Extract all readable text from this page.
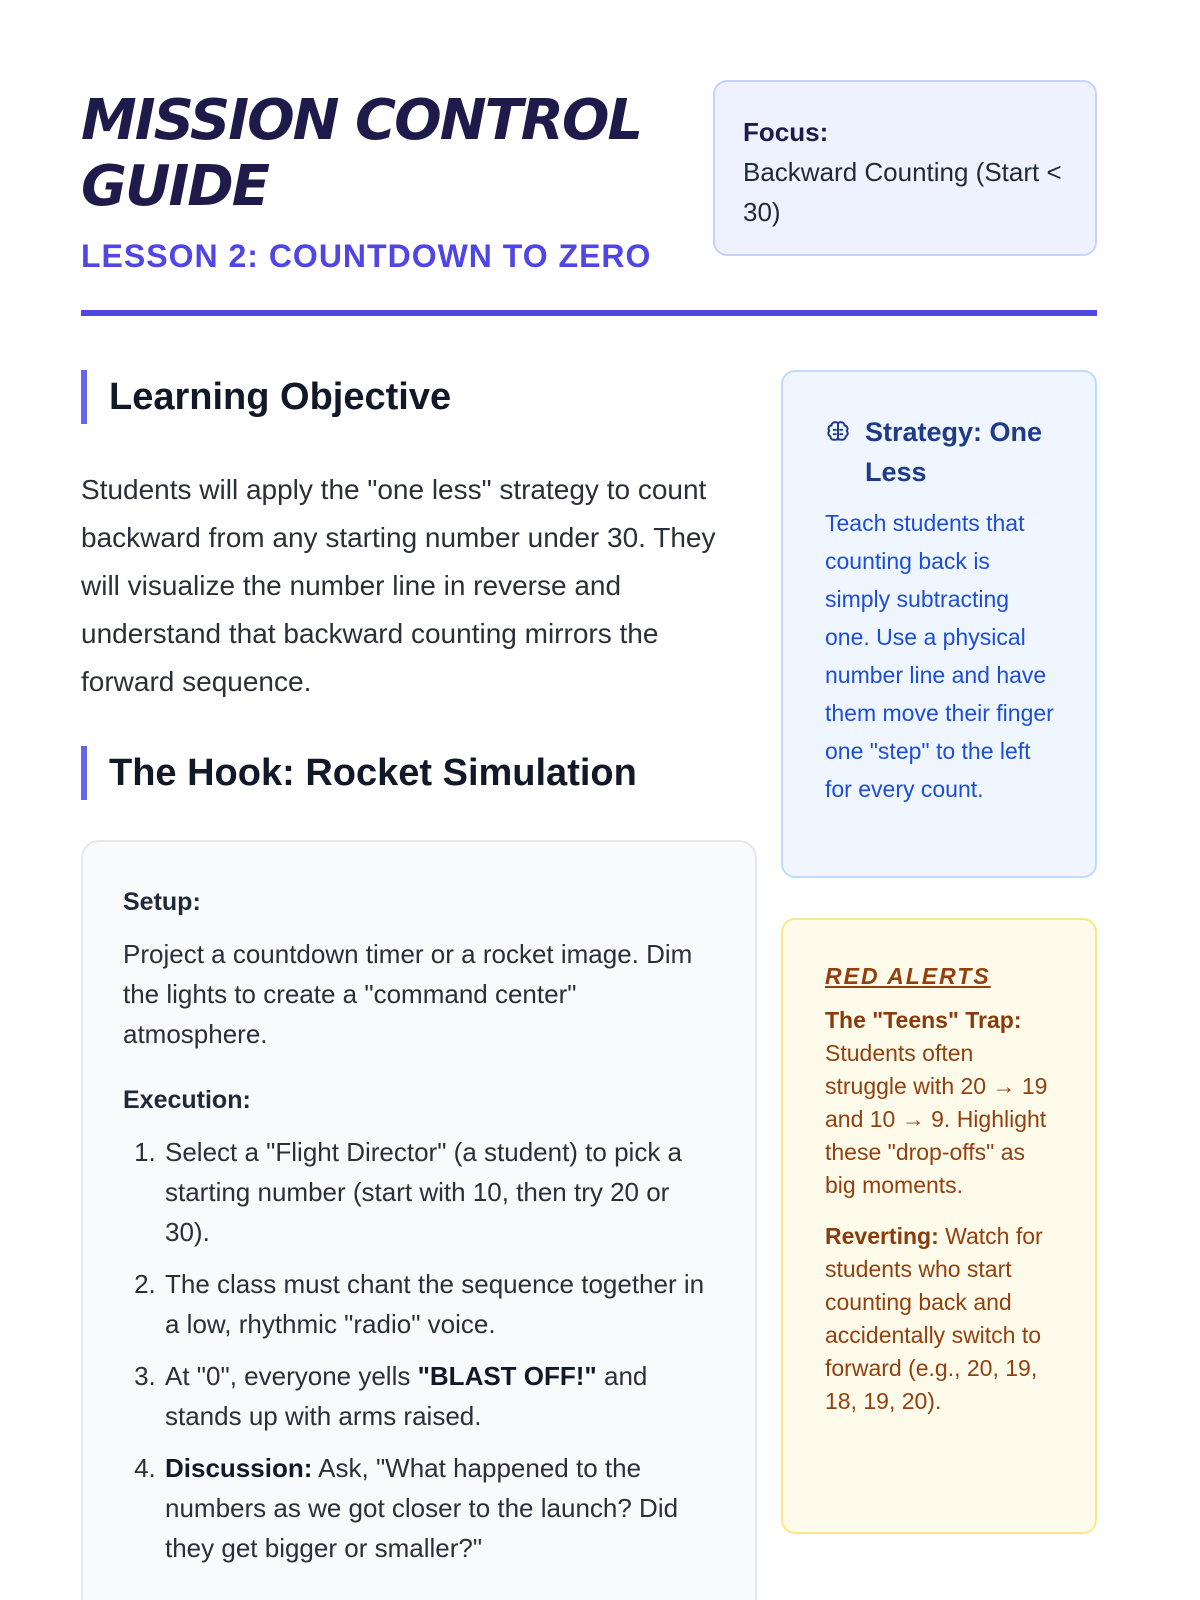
MISSION CONTROL GUIDE
LESSON 2: COUNTDOWN TO ZERO
Focus:
Backward Counting (Start < 30)
Learning Objective

Students will apply the "one less" strategy to count backward from any starting number under 30. They will visualize the number line in reverse and understand that backward counting mirrors the forward sequence.

The Hook: Rocket Simulation
Setup:

Project a countdown timer or a rocket image. Dim the lights to create a "command center" atmosphere.

Execution:
1. Select a "Flight Director" (a student) to pick a starting number (start with 10, then try 20 or 30).
2. The class must chant the sequence together in a low, rhythmic "radio" voice.
3. At "0", everyone yells "BLAST OFF!" and stands up with arms raised.
4. Discussion: Ask, "What happened to the numbers as we got closer to the launch? Did they get bigger or smaller?"
Strategy: One Less

Teach students that counting back is simply subtracting one. Use a physical number line and have them move their finger one "step" to the left for every count.

RED ALERTS

The "Teens" Trap: Students often struggle with 20 → 19 and 10 → 9. Highlight these "drop-offs" as big moments.

Reverting: Watch for students who start counting back and accidentally switch to forward (e.g., 20, 19, 18, 19, 20).
